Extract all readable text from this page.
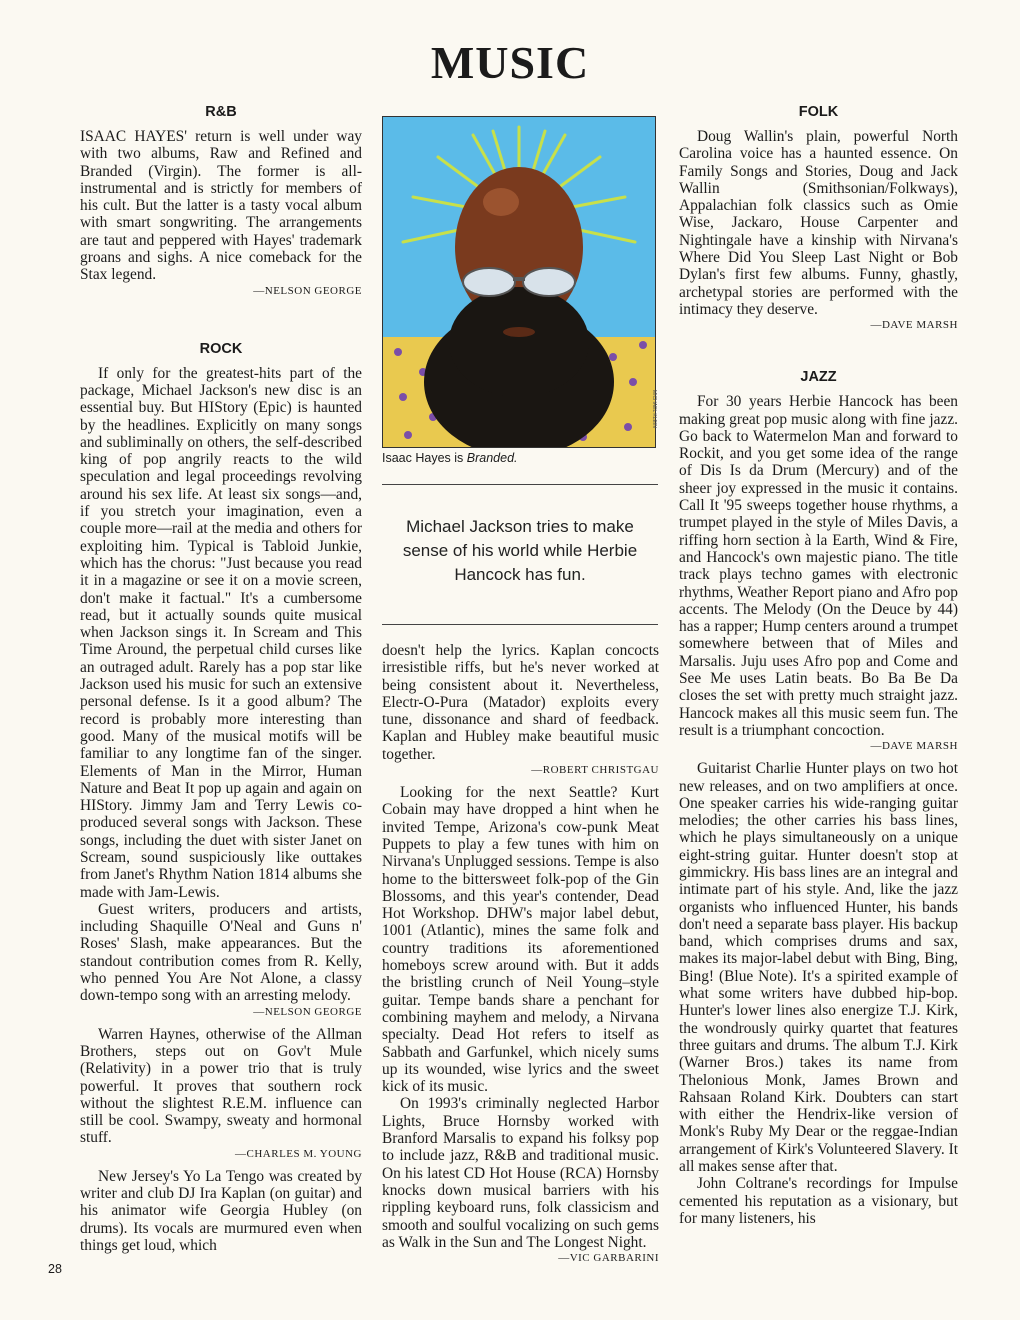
MUSIC
R&B

ISAAC HAYES' return is well under way with two albums, Raw and Refined and Branded (Virgin). The former is all-instrumental and is strictly for members of his cult. But the latter is a tasty vocal album with smart songwriting. The arrangements are taut and peppered with Hayes' trademark groans and sighs. A nice comeback for the Stax legend.

—NELSON GEORGE
ROCK

If only for the greatest-hits part of the package, Michael Jackson's new disc is an essential buy. But HIStory (Epic) is haunted by the headlines. Explicitly on many songs and subliminally on others, the self-described king of pop angrily reacts to the wild speculation and legal proceedings revolving around his sex life. At least six songs—and, if you stretch your imagination, even a couple more—rail at the media and others for exploiting him. Typical is Tabloid Junkie, which has the chorus: "Just because you read it in a magazine or see it on a movie screen, don't make it factual." It's a cumbersome read, but it actually sounds quite musical when Jackson sings it. In Scream and This Time Around, the perpetual child curses like an outraged adult. Rarely has a pop star like Jackson used his music for such an extensive personal defense. Is it a good album? The record is probably more interesting than good. Many of the musical motifs will be familiar to any longtime fan of the singer. Elements of Man in the Mirror, Human Nature and Beat It pop up again and again on HIStory. Jimmy Jam and Terry Lewis co-produced several songs with Jackson. These songs, including the duet with sister Janet on Scream, sound suspiciously like outtakes from Janet's Rhythm Nation 1814 albums she made with Jam-Lewis.

Guest writers, producers and artists, including Shaquille O'Neal and Guns n' Roses' Slash, make appearances. But the standout contribution comes from R. Kelly, who penned You Are Not Alone, a classy down-tempo song with an arresting melody.

—NELSON GEORGE

Warren Haynes, otherwise of the Allman Brothers, steps out on Gov't Mule (Relativity) in a power trio that is truly powerful. It proves that southern rock without the slightest R.E.M. influence can still be cool. Swampy, sweaty and hormonal stuff.

—CHARLES M. YOUNG

New Jersey's Yo La Tengo was created by writer and club DJ Ira Kaplan (on guitar) and his animator wife Georgia Hubley (on drums). Its vocals are murmured even when things get loud, which

MICHAEL KLEIN
Isaac Hayes is Branded.
Michael Jackson tries to make sense of his world while Herbie Hancock has fun.

doesn't help the lyrics. Kaplan concocts irresistible riffs, but he's never worked at being consistent about it. Nevertheless, Electr-O-Pura (Matador) exploits every tune, dissonance and shard of feedback. Kaplan and Hubley make beautiful music together.

—ROBERT CHRISTGAU

Looking for the next Seattle? Kurt Cobain may have dropped a hint when he invited Tempe, Arizona's cow-punk Meat Puppets to play a few tunes with him on Nirvana's Unplugged sessions. Tempe is also home to the bittersweet folk-pop of the Gin Blossoms, and this year's contender, Dead Hot Workshop. DHW's major label debut, 1001 (Atlantic), mines the same folk and country traditions its aforementioned homeboys screw around with. But it adds the bristling crunch of Neil Young–style guitar. Tempe bands share a penchant for combining mayhem and melody, a Nirvana specialty. Dead Hot refers to itself as Sabbath and Garfunkel, which nicely sums up its wounded, wise lyrics and the sweet kick of its music.

On 1993's criminally neglected Harbor Lights, Bruce Hornsby worked with Branford Marsalis to expand his folksy pop to include jazz, R&B and traditional music. On his latest CD Hot House (RCA) Hornsby knocks down musical barriers with his rippling keyboard runs, folk classicism and smooth and soulful vocalizing on such gems as Walk in the Sun and The Longest Night.

—VIC GARBARINI
FOLK

Doug Wallin's plain, powerful North Carolina voice has a haunted essence. On Family Songs and Stories, Doug and Jack Wallin (Smithsonian/Folkways), Appalachian folk classics such as Omie Wise, Jackaro, House Carpenter and Nightingale have a kinship with Nirvana's Where Did You Sleep Last Night or Bob Dylan's first few albums. Funny, ghastly, archetypal stories are performed with the intimacy they deserve.

—DAVE MARSH
JAZZ

For 30 years Herbie Hancock has been making great pop music along with fine jazz. Go back to Watermelon Man and forward to Rockit, and you get some idea of the range of Dis Is da Drum (Mercury) and of the sheer joy expressed in the music it contains. Call It '95 sweeps together house rhythms, a trumpet played in the style of Miles Davis, a riffing horn section à la Earth, Wind & Fire, and Hancock's own majestic piano. The title track plays techno games with electronic rhythms, Weather Report piano and Afro pop accents. The Melody (On the Deuce by 44) has a rapper; Hump centers around a trumpet somewhere between that of Miles and Marsalis. Juju uses Afro pop and Come and See Me uses Latin beats. Bo Ba Be Da closes the set with pretty much straight jazz. Hancock makes all this music seem fun. The result is a triumphant concoction.

—DAVE MARSH

Guitarist Charlie Hunter plays on two hot new releases, and on two amplifiers at once. One speaker carries his wide-ranging guitar melodies; the other carries his bass lines, which he plays simultaneously on a unique eight-string guitar. Hunter doesn't stop at gimmickry. His bass lines are an integral and intimate part of his style. And, like the jazz organists who influenced Hunter, his bands don't need a separate bass player. His backup band, which comprises drums and sax, makes its major-label debut with Bing, Bing, Bing! (Blue Note). It's a spirited example of what some writers have dubbed hip-bop. Hunter's lower lines also energize T.J. Kirk, the wondrously quirky quartet that features three guitars and drums. The album T.J. Kirk (Warner Bros.) takes its name from Thelonious Monk, James Brown and Rahsaan Roland Kirk. Doubters can start with either the Hendrix-like version of Monk's Ruby My Dear or the reggae-Indian arrangement of Kirk's Volunteered Slavery. It all makes sense after that.

John Coltrane's recordings for Impulse cemented his reputation as a visionary, but for many listeners, his

28
